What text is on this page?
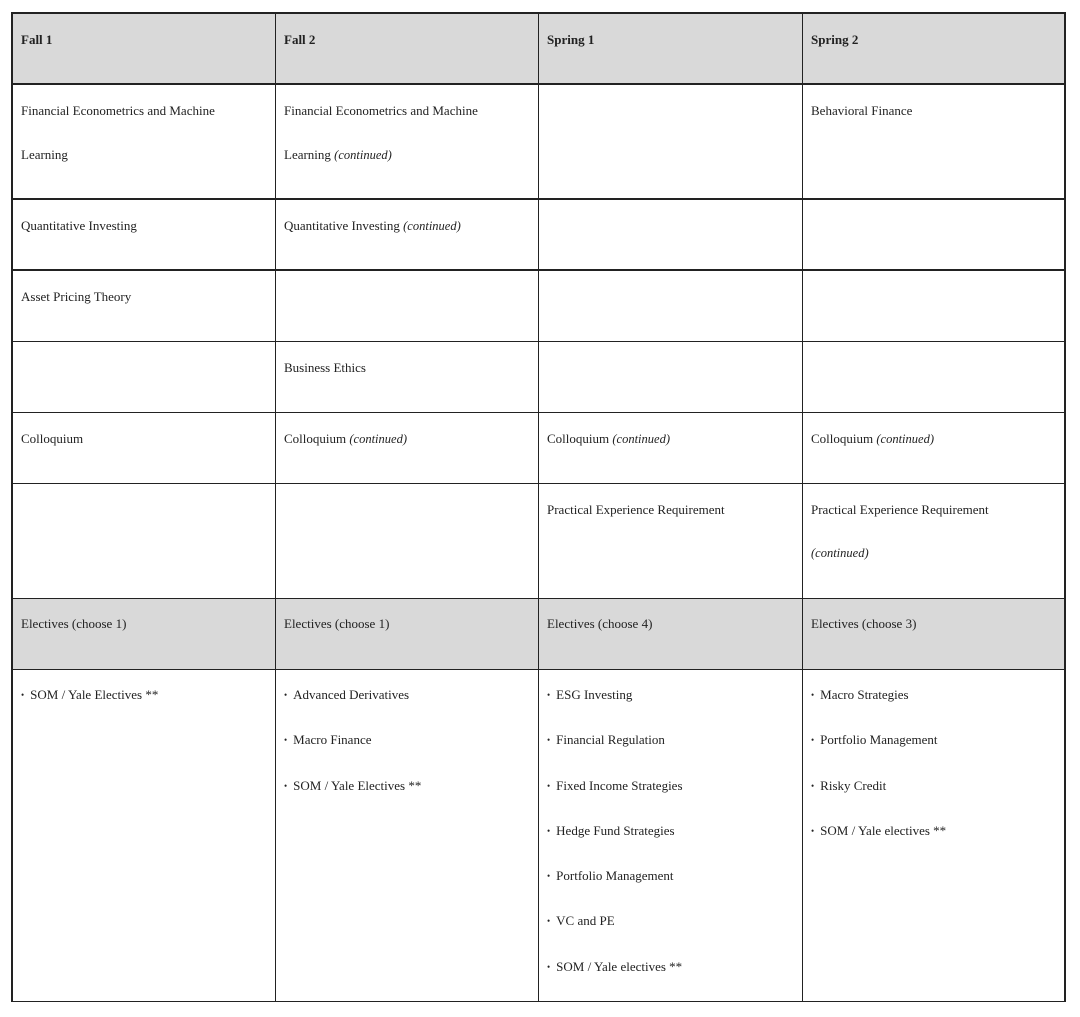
Fall 1	Fall 2	Spring 1	Spring 2
Financial Econometrics and Machine
Learning
Financial Econometrics and Machine
Learning (continued)
Behavioral Finance
Quantitative Investing	Quantitative Investing (continued)
Asset Pricing Theory
Business Ethics
Colloquium	Colloquium (continued)	Colloquium (continued)	Colloquium (continued)
Practical Experience Requirement	Practical Experience Requirement
(continued)
Electives (choose 1)	Electives (choose 1)	Electives (choose 4)	Electives (choose 3)
• SOM / Yale Electives **
•	Advanced Derivatives
• Macro Finance
• SOM / Yale Electives **
• ESG Investing
• Financial Regulation
• Fixed Income Strategies
• Hedge Fund Strategies
• Portfolio Management
• VC and PE
• SOM / Yale electives **
• Macro Strategies
• Portfolio Management
• Risky Credit
• SOM / Yale electives **
